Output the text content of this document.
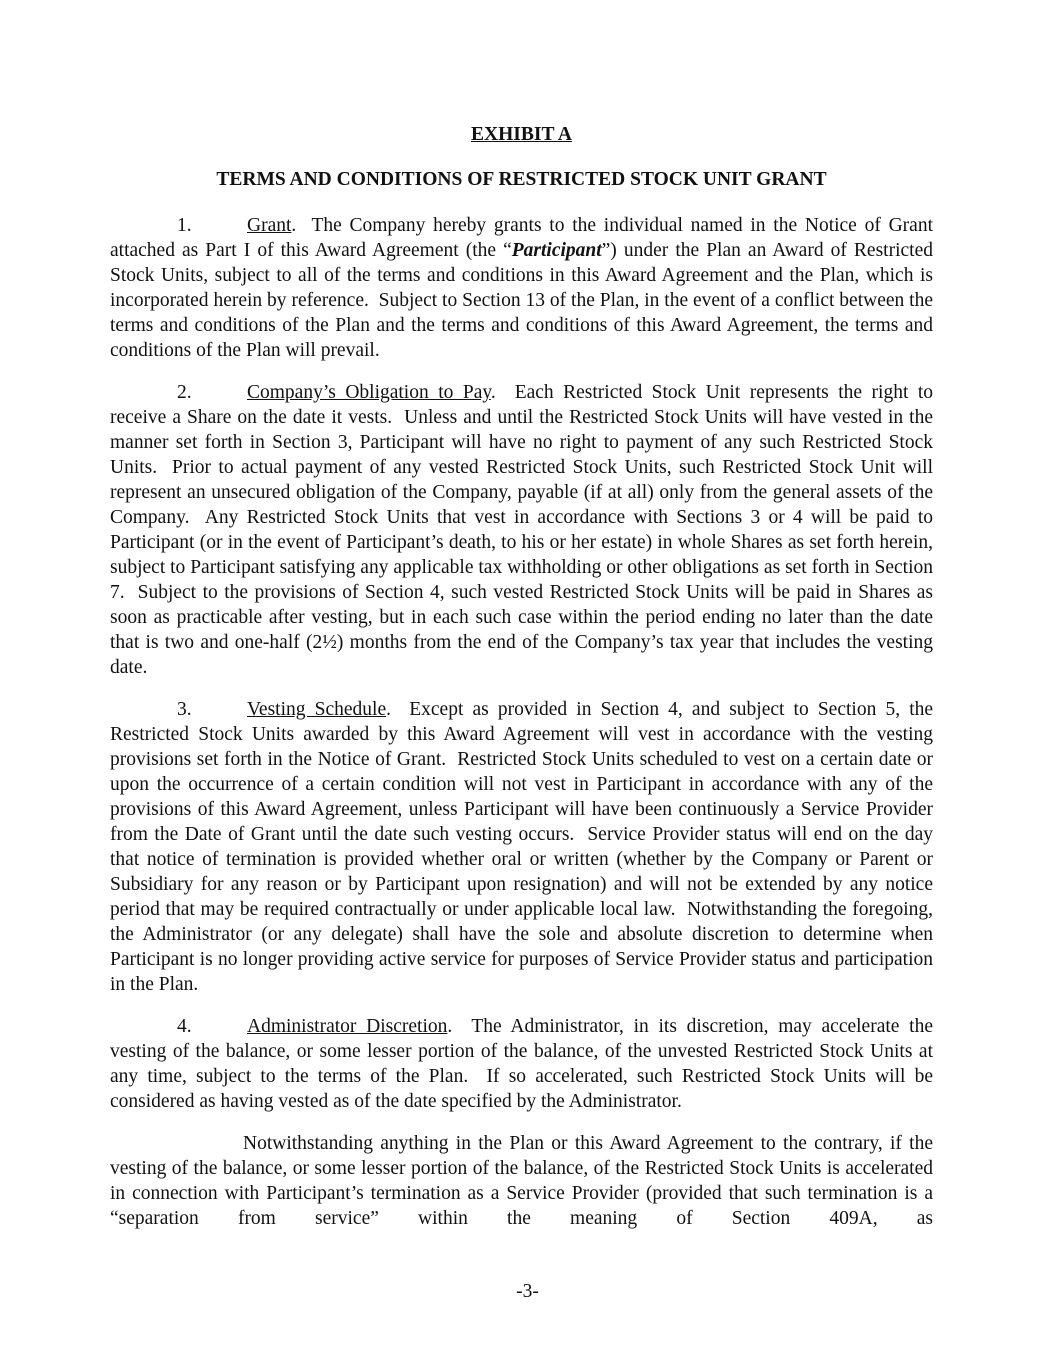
EXHIBIT A

TERMS AND CONDITIONS OF RESTRICTED STOCK UNIT GRANT

1.	Grant.  The Company hereby grants to the individual named in the Notice of Grant attached as Part I of this Award Agreement (the “Participant”) under the Plan an Award of Restricted Stock Units, subject to all of the terms and conditions in this Award Agreement and the Plan, which is incorporated herein by reference.  Subject to Section 13 of the Plan, in the event of a conflict between the terms and conditions of the Plan and the terms and conditions of this Award Agreement, the terms and conditions of the Plan will prevail.

2.	Company’s Obligation to Pay.  Each Restricted Stock Unit represents the right to receive a Share on the date it vests.  Unless and until the Restricted Stock Units will have vested in the manner set forth in Section 3, Participant will have no right to payment of any such Restricted Stock Units.  Prior to actual payment of any vested Restricted Stock Units, such Restricted Stock Unit will represent an unsecured obligation of the Company, payable (if at all) only from the general assets of the Company.  Any Restricted Stock Units that vest in accordance with Sections 3 or 4 will be paid to Participant (or in the event of Participant’s death, to his or her estate) in whole Shares as set forth herein, subject to Participant satisfying any applicable tax withholding or other obligations as set forth in Section 7.  Subject to the provisions of Section 4, such vested Restricted Stock Units will be paid in Shares as soon as practicable after vesting, but in each such case within the period ending no later than the date that is two and one-half (2½) months from the end of the Company’s tax year that includes the vesting date.

3.	Vesting Schedule.  Except as provided in Section 4, and subject to Section 5, the Restricted Stock Units awarded by this Award Agreement will vest in accordance with the vesting provisions set forth in the Notice of Grant.  Restricted Stock Units scheduled to vest on a certain date or upon the occurrence of a certain condition will not vest in Participant in accordance with any of the provisions of this Award Agreement, unless Participant will have been continuously a Service Provider from the Date of Grant until the date such vesting occurs.  Service Provider status will end on the day that notice of termination is provided whether oral or written (whether by the Company or Parent or Subsidiary for any reason or by Participant upon resignation) and will not be extended by any notice period that may be required contractually or under applicable local law.  Notwithstanding the foregoing, the Administrator (or any delegate) shall have the sole and absolute discretion to determine when Participant is no longer providing active service for purposes of Service Provider status and participation in the Plan.

4.	Administrator Discretion.  The Administrator, in its discretion, may accelerate the vesting of the balance, or some lesser portion of the balance, of the unvested Restricted Stock Units at any time, subject to the terms of the Plan.  If so accelerated, such Restricted Stock Units will be considered as having vested as of the date specified by the Administrator.

Notwithstanding anything in the Plan or this Award Agreement to the contrary, if the vesting of the balance, or some lesser portion of the balance, of the Restricted Stock Units is accelerated in connection with Participant’s termination as a Service Provider (provided that such termination is a “separation from service” within the meaning of Section 409A, as

-3-
